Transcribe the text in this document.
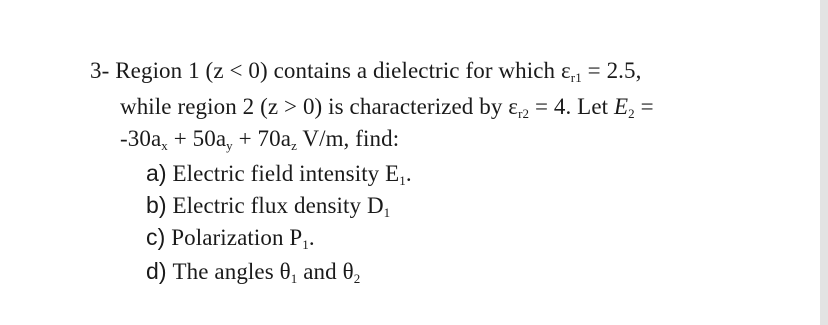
3- Region 1 (z < 0) contains a dielectric for which $\varepsilon_{r1} = 2.5$,
while region 2 (z > 0) is characterized by $\varepsilon_{r2} = 4$. Let $E_2$ =
$-30a_x + 50a_y + 70a_z$ V/m, find:
a) Electric field intensity $E_1$.
b) Electric flux density $D_1$
c) Polarization $P_1$.
d) The angles $\theta_1$ and $\theta_2$
